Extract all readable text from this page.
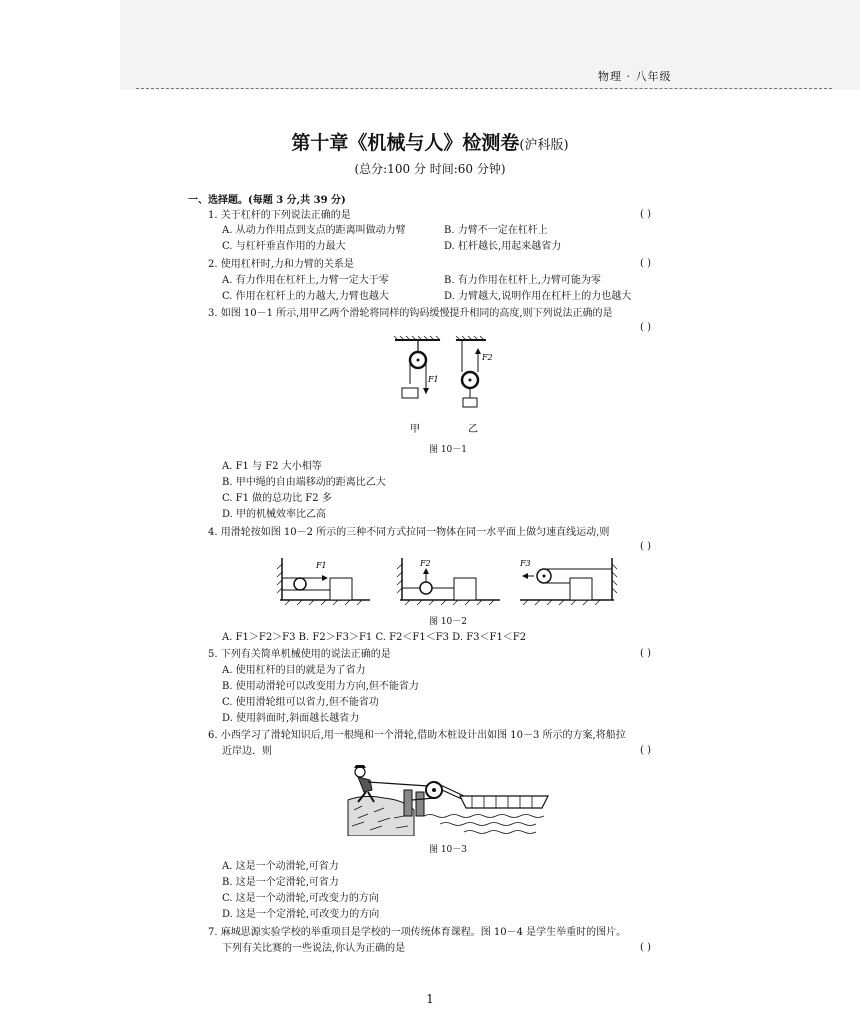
物理 · 八年级
第十章《机械与人》检测卷(沪科版)
(总分:100 分 时间:60 分钟)
一、选择题。(每题 3 分,共 39 分)
1. 关于杠杆的下列说法正确的是	( )
A. 从动力作用点到支点的距离叫做动力臂	B. 力臂不一定在杠杆上
C. 与杠杆垂直作用的力最大	D. 杠杆越长,用起来越省力
2. 使用杠杆时,力和力臂的关系是	( )
A. 有力作用在杠杆上,力臂一定大于零	B. 有力作用在杠杆上,力臂可能为零
C. 作用在杠杆上的力越大,力臂也越大	D. 力臂越大,说明作用在杠杆上的力也越大
3. 如图 10－1 所示,用甲乙两个滑轮将同样的钩码缓慢提升相同的高度,则下列说法正确的是
( )
F1
甲
F2
乙
图 10－1
A. F1 与 F2 大小相等
B. 甲中绳的自由端移动的距离比乙大
C. F1 做的总功比 F2 多
D. 甲的机械效率比乙高
4. 用滑轮按如图 10－2 所示的三种不同方式拉同一物体在同一水平面上做匀速直线运动,则
( )
F1	F2	F3
图 10－2
A. F1＞F2＞F3 B. F2＞F3＞F1 C. F2＜F1＜F3 D. F3＜F1＜F2
5. 下列有关简单机械使用的说法正确的是	( )
A. 使用杠杆的目的就是为了省力
B. 使用动滑轮可以改变用力方向,但不能省力
C. 使用滑轮组可以省力,但不能省功
D. 使用斜面时,斜面越长越省力
6. 小西学习了滑轮知识后,用一根绳和一个滑轮,借助木桩设计出如图 10－3 所示的方案,将船拉
近岸边．则	( )
图 10－3
A. 这是一个动滑轮,可省力
B. 这是一个定滑轮,可省力
C. 这是一个动滑轮,可改变力的方向
D. 这是一个定滑轮,可改变力的方向
7. 麻城思源实验学校的举重项目是学校的一项传统体育课程。图 10－4 是学生举重时的图片。
下列有关比赛的一些说法,你认为正确的是	( )
1
